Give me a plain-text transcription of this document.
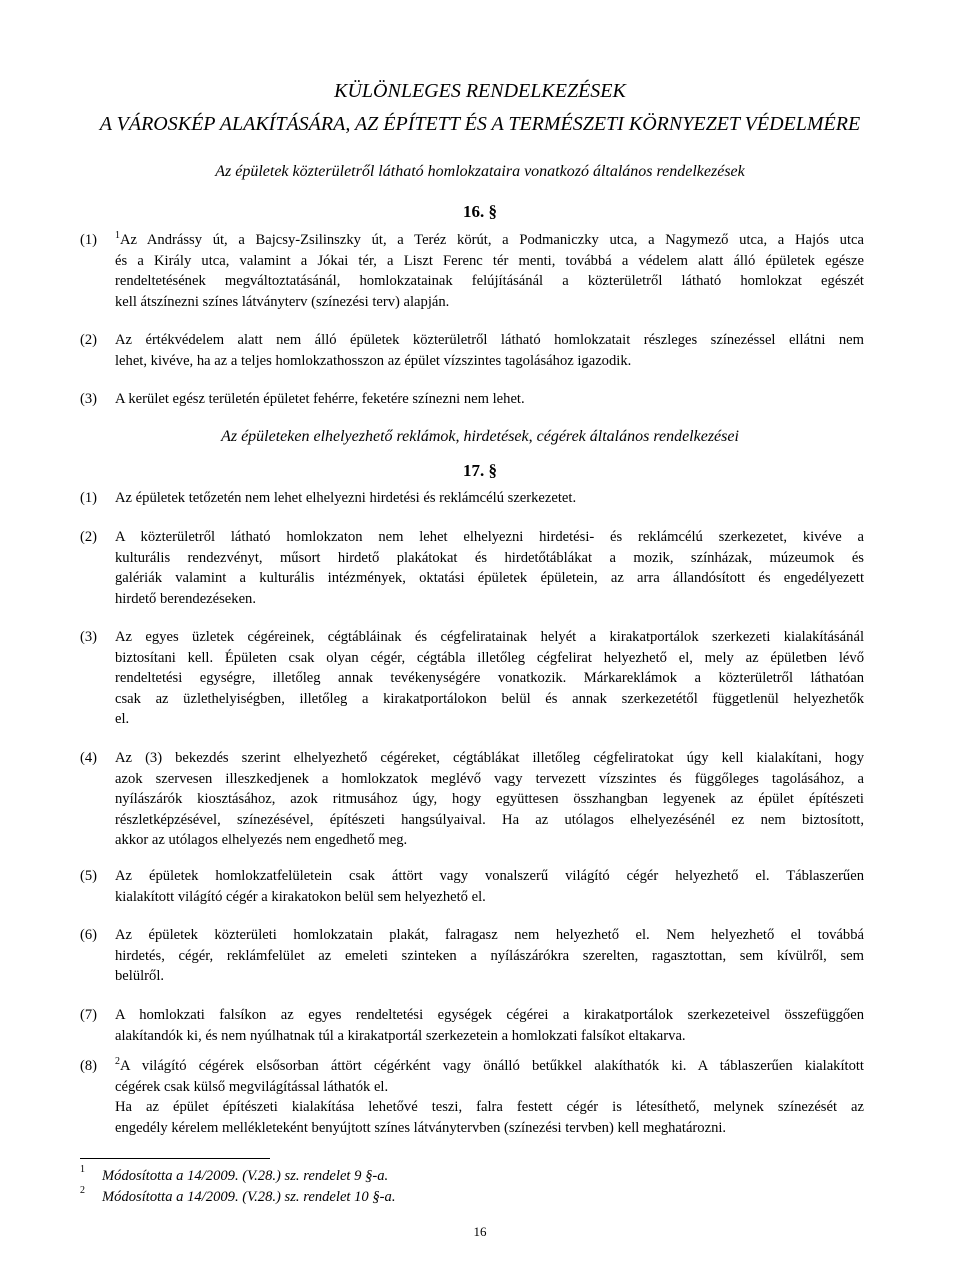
KÜLÖNLEGES RENDELKEZÉSEK
A VÁROSKÉP ALAKÍTÁSÁRA, AZ ÉPÍTETT ÉS A TERMÉSZETI KÖRNYEZET VÉDELMÉRE
Az épületek közterületről látható homlokzataira vonatkozó általános rendelkezések
16. §
(1) $^1$Az Andrássy út, a Bajcsy-Zsilinszky út, a Teréz körút, a Podmaniczky utca, a Nagymező utca, a Hajós utca
és a Király utca, valamint a Jókai tér, a Liszt Ferenc tér menti, továbbá a védelem alatt álló épületek egésze
rendeltetésének megváltoztatásánál, homlokzatainak felújításánál a közterületről látható homlokzat egészét
kell átszínezni színes látványterv (színezési terv) alapján.
(2) Az értékvédelem alatt nem álló épületek közterületről látható homlokzatait részleges színezéssel ellátni nem
lehet, kivéve, ha az a teljes homlokzathosszon az épület vízszintes tagolásához igazodik.
(3) A kerület egész területén épületet fehérre, feketére színezni nem lehet.
Az épületeken elhelyezhető reklámok, hirdetések, cégérek általános rendelkezései
17. §
(1) Az épületek tetőzetén nem lehet elhelyezni hirdetési és reklámcélú szerkezetet.
(2) A közterületről látható homlokzaton nem lehet elhelyezni hirdetési- és reklámcélú szerkezetet, kivéve a
kulturális rendezvényt, műsort hirdető plakátokat és hirdetőtáblákat a mozik, színházak, múzeumok és
galériák valamint a kulturális intézmények, oktatási épületek épületein, az arra állandósított és engedélyezett
hirdető berendezéseken.
(3) Az egyes üzletek cégéreinek, cégtábláinak és cégfeliratainak helyét a kirakatportálok szerkezeti kialakításánál
biztosítani kell. Épületen csak olyan cégér, cégtábla illetőleg cégfelirat helyezhető el, mely az épületben lévő
rendeltetési egységre, illetőleg annak tevékenységére vonatkozik. Márkareklámok a közterületről láthatóan
csak az üzlethelyiségben, illetőleg a kirakatportálokon belül és annak szerkezetétől függetlenül helyezhetők
el.
(4) Az (3) bekezdés szerint elhelyezhető cégéreket, cégtáblákat illetőleg cégfeliratokat úgy kell kialakítani, hogy
azok szervesen illeszkedjenek a homlokzatok meglévő vagy tervezett vízszintes és függőleges tagolásához, a
nyílászárók kiosztásához, azok ritmusához úgy, hogy együttesen összhangban legyenek az épület építészeti
részletképzésével, színezésével, építészeti hangsúlyaival. Ha az utólagos elhelyezésénél ez nem biztosított,
akkor az utólagos elhelyezés nem engedhető meg.
(5) Az épületek homlokzatfelületein csak áttört vagy vonalszerű világító cégér helyezhető el. Táblaszerűen
kialakított világító cégér a kirakatokon belül sem helyezhető el.
(6) Az épületek közterületi homlokzatain plakát, falragasz nem helyezhető el. Nem helyezhető el továbbá
hirdetés, cégér, reklámfelület az emeleti szinteken a nyílászárókra szerelten, ragasztottan, sem kívülről, sem
belülről.
(7) A homlokzati falsíkon az egyes rendeltetési egységek cégérei a kirakatportálok szerkezeteivel összefüggően
alakítandók ki, és nem nyúlhatnak túl a kirakatportál szerkezetein a homlokzati falsíkot eltakarva.
(8) $^2$A világító cégérek elsősorban áttört cégérként vagy önálló betűkkel alakíthatók ki. A táblaszerűen kialakított
cégérek csak külső megvilágítással láthatók el.
Ha az épület építészeti kialakítása lehetővé teszi, falra festett cégér is létesíthető, melynek színezését az
engedély kérelem mellékleteként benyújtott színes látványtervben (színezési tervben) kell meghatározni.
1 Módosította a 14/2009. (V.28.) sz. rendelet 9 §-a.
2 Módosította a 14/2009. (V.28.) sz. rendelet 10 §-a.
16
